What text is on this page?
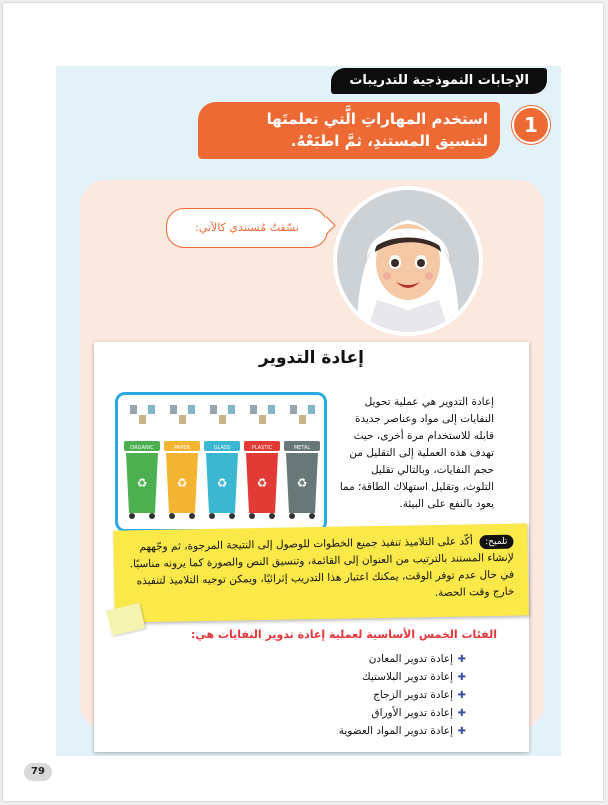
الإجابات النموذجية للتدريبات
1
استخدم المهاراتِ الَّتي تعلمتَها لتنسيق المستندِ، ثمَّ اطبَعْهُ.
نسّقتُ مُستندي كالآتي:
إعادة التدوير
إعادة التدوير هي عملية تحويل النفايات إلى مواد وعناصر جديدة قابله للاستخدام مرة أخرى، حيث تهدف هذه العملية إلى التقليل من حجم النفايات، وبالتالي تقليل التلوث، وتقليل استهلاك الطاقة؛ مما يعود بالنفع على البيئة.
ORGANIC
♻
PAPER
♻
GLASS
♻
PLASTIC
♻
METAL
♻
تلميح: أكّد على التلاميذ تنفيذ جميع الخطوات للوصول إلى النتيجة المرجوة، ثم وجّههم لإنشاء المستند بالترتيب من العنوان إلى القائمة، وتنسيق النص والصورة كما يرونه مناسبًا. في حال عدم توفر الوقت، يمكنك اعتبار هذا التدريب إثرائيًا، ويمكن توجيه التلاميذ لتنفيذه خارج وقت الحصة.
الفئات الخمس الأساسية لعملية إعادة تدوير النفايات هي:
✚إعادة تدوير المعادن
✚إعادة تدوير البلاستيك
✚إعادة تدوير الزجاج
✚إعادة تدوير الأوراق
✚إعادة تدوير المواد العضوية
79
